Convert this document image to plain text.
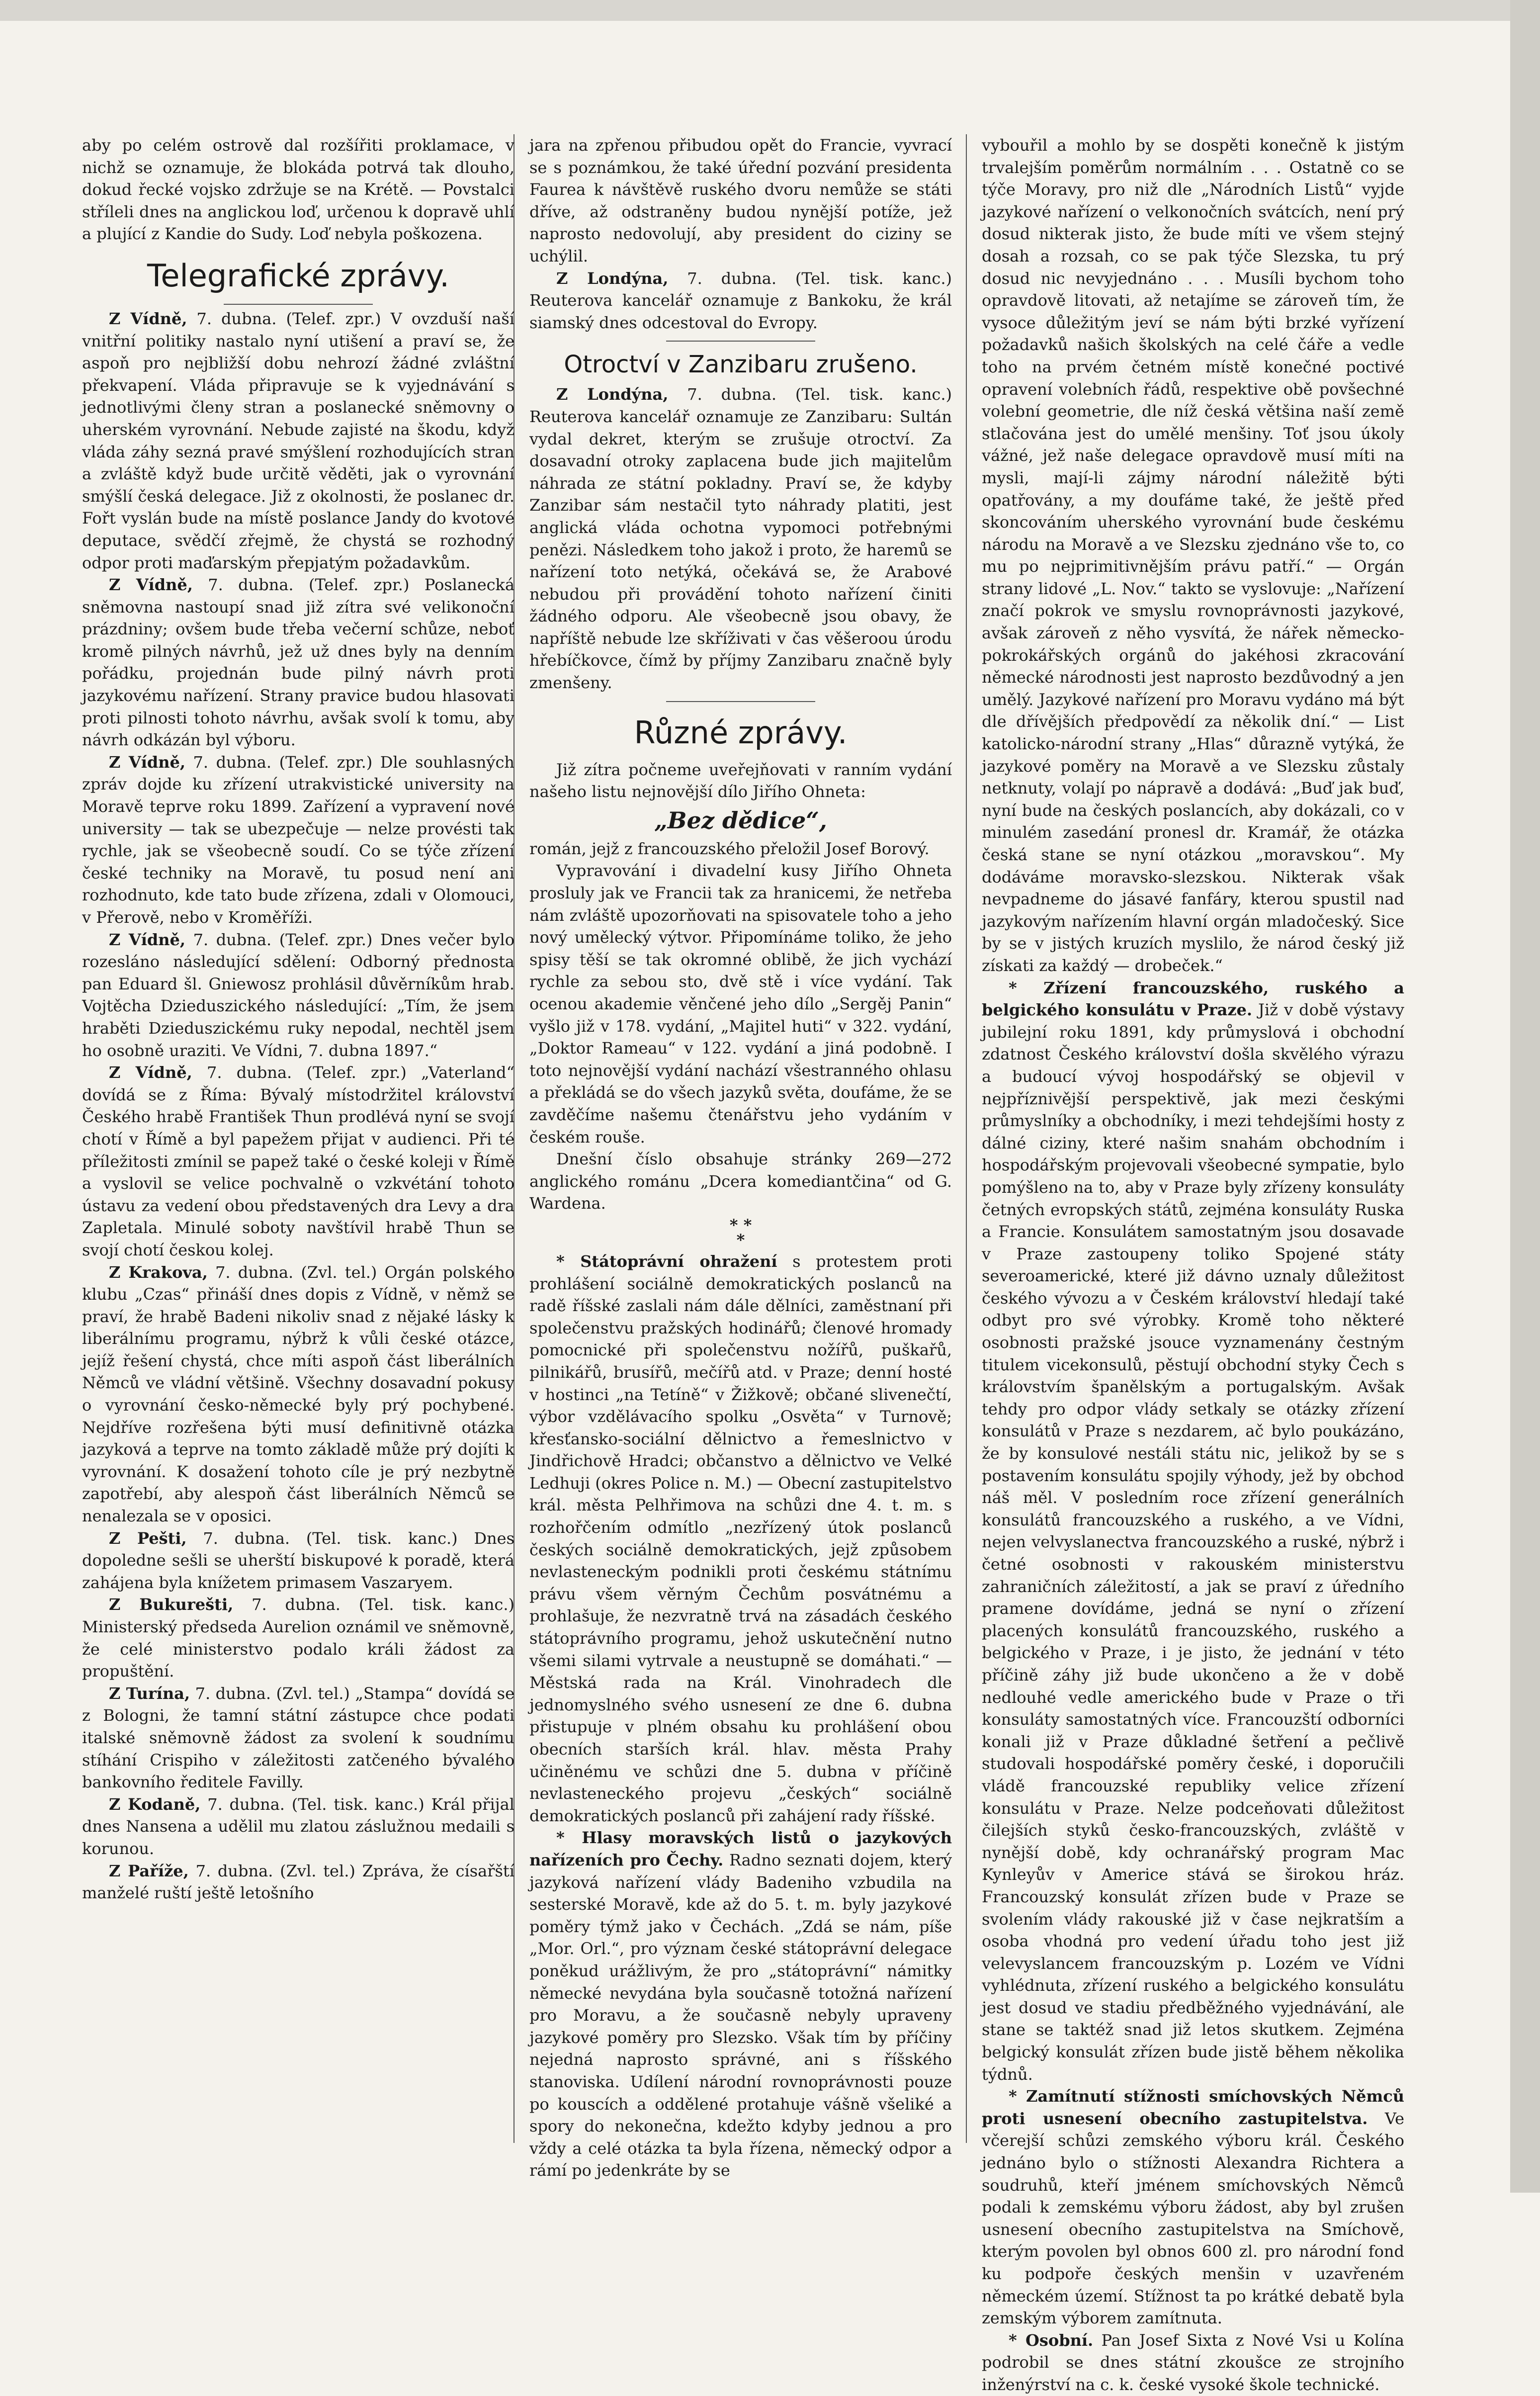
aby po celém ostrově dal rozšířiti proklamace, v nichž se oznamuje, že blokáda potrvá tak dlouho, dokud řecké vojsko zdržuje se na Krétě. — Povstalci stříleli dnes na anglickou loď, určenou k dopravě uhlí a plující z Kandie do Sudy. Loď nebyla poškozena.

Telegrafické zprávy.

Z Vídně, 7. dubna. (Telef. zpr.) V ovzduší naší vnitřní politiky nastalo nyní utišení a praví se, že aspoň pro nejbližší dobu nehrozí žádné zvláštní překvapení. Vláda připravuje se k vyjednávání s jednotlivými členy stran a poslanecké sněmovny o uherském vyrovnání. Nebude zajisté na škodu, když vláda záhy sezná pravé smýšlení rozhodujících stran a zvláště když bude určitě věděti, jak o vyrovnání smýšlí česká delegace. Již z okolnosti, že poslanec dr. Fořt vyslán bude na místě poslance Jandy do kvotové deputace, svědčí zřejmě, že chystá se rozhodný odpor proti maďarským přepjatým požadavkům.

Z Vídně, 7. dubna. (Telef. zpr.) Poslanecká sněmovna nastoupí snad již zítra své velikonoční prázdniny; ovšem bude třeba večerní schůze, neboť kromě pilných návrhů, jež už dnes byly na denním pořádku, projednán bude pilný návrh proti jazykovému nařízení. Strany pravice budou hlasovati proti pilnosti tohoto návrhu, avšak svolí k tomu, aby návrh odkázán byl výboru.

Z Vídně, 7. dubna. (Telef. zpr.) Dle souhlasných zpráv dojde ku zřízení utrakvistické university na Moravě teprve roku 1899. Zařízení a vypravení nové university — tak se ubezpečuje — nelze provésti tak rychle, jak se všeobecně soudí. Co se týče zřízení české techniky na Moravě, tu posud není ani rozhodnuto, kde tato bude zřízena, zdali v Olomouci, v Přerově, nebo v Kroměříži.

Z Vídně, 7. dubna. (Telef. zpr.) Dnes večer bylo rozesláno následující sdělení: Odborný přednosta pan Eduard šl. Gniewosz prohlásil důvěrníkům hrab. Vojtěcha Dzieduszického následující: „Tím, že jsem hraběti Dzieduszickému ruky nepodal, nechtěl jsem ho osobně uraziti. Ve Vídni, 7. dubna 1897.“

Z Vídně, 7. dubna. (Telef. zpr.) „Vaterland“ dovídá se z Říma: Bývalý místodržitel království Českého hrabě František Thun prodlévá nyní se svojí chotí v Římě a byl papežem přijat v audienci. Při té příležitosti zmínil se papež také o české koleji v Římě a vyslovil se velice pochvalně o vzkvétání tohoto ústavu za vedení obou představených dra Levy a dra Zapletala. Minulé soboty navštívil hrabě Thun se svojí chotí českou kolej.

Z Krakova, 7. dubna. (Zvl. tel.) Orgán polského klubu „Czas“ přináší dnes dopis z Vídně, v němž se praví, že hrabě Badeni nikoliv snad z nějaké lásky k liberálnímu programu, nýbrž k vůli české otázce, jejíž řešení chystá, chce míti aspoň část liberálních Němců ve vládní většině. Všechny dosavadní pokusy o vyrovnání česko-německé byly prý pochybené. Nejdříve rozřešena býti musí definitivně otázka jazyková a teprve na tomto základě může prý dojíti k vyrovnání. K dosažení tohoto cíle je prý nezbytně zapotřebí, aby alespoň část liberálních Němců se nenalezala se v oposici.

Z Pešti, 7. dubna. (Tel. tisk. kanc.) Dnes dopoledne sešli se uherští biskupové k poradě, která zahájena byla knížetem primasem Vaszaryem.

Z Bukurešti, 7. dubna. (Tel. tisk. kanc.) Ministerský předseda Aurelion oznámil ve sněmovně, že celé ministerstvo podalo králi žádost za propuštění.

Z Turína, 7. dubna. (Zvl. tel.) „Stampa“ dovídá se z Bologni, že tamní státní zástupce chce podati italské sněmovně žádost za svolení k soudnímu stíhání Crispiho v záležitosti zatčeného bývalého bankovního ředitele Favilly.

Z Kodaně, 7. dubna. (Tel. tisk. kanc.) Král přijal dnes Nansena a udělil mu zlatou záslužnou medaili s korunou.

Z Paříže, 7. dubna. (Zvl. tel.) Zpráva, že císařští manželé ruští ještě letošního

jara na zpřenou přibudou opět do Francie, vyvrací se s poznámkou, že také úřední pozvání presidenta Faurea k návštěvě ruského dvoru nemůže se státi dříve, až odstraněny budou nynější potíže, jež naprosto nedovolují, aby president do ciziny se uchýlil.

Z Londýna, 7. dubna. (Tel. tisk. kanc.) Reuterova kancelář oznamuje z Bankoku, že král siamský dnes odcestoval do Evropy.

Otroctví v Zanzibaru zrušeno.

Z Londýna, 7. dubna. (Tel. tisk. kanc.) Reuterova kancelář oznamuje ze Zanzibaru: Sultán vydal dekret, kterým se zrušuje otroctví. Za dosavadní otroky zaplacena bude jich majitelům náhrada ze státní pokladny. Praví se, že kdyby Zanzibar sám nestačil tyto náhrady platiti, jest anglická vláda ochotna vypomoci potřebnými penězi. Následkem toho jakož i proto, že haremů se nařízení toto netýká, očekává se, že Arabové nebudou při provádění tohoto nařízení činiti žádného odporu. Ale všeobecně jsou obavy, že napříště nebude lze skříživati v čas věšeroou úrodu hřebíčkovce, čímž by příjmy Zanzibaru značně byly zmenšeny.

Různé zprávy.

Již zítra počneme uveřejňovati v ranním vydání našeho listu nejnovější dílo Jiřího Ohneta:

„Bez dědice“,

román, jejž z francouzského přeložil Josef Borový.

Vypravování i divadelní kusy Jiřího Ohneta prosluly jak ve Francii tak za hranicemi, že netřeba nám zvláště upozorňovati na spisovatele toho a jeho nový umělecký výtvor. Připomínáme toliko, že jeho spisy těší se tak okromné oblibě, že jich vychází rychle za sebou sto, dvě stě i více vydání. Tak ocenou akademie věnčené jeho dílo „Sergěj Panin“ vyšlo již v 178. vydání, „Majitel huti“ v 322. vydání, „Doktor Rameau“ v 122. vydání a jiná podobně. I toto nejnovější vydání nachází všestranného ohlasu a překládá se do všech jazyků světa, doufáme, že se zavděčíme našemu čtenářstvu jeho vydáním v českém rouše.

Dnešní číslo obsahuje stránky 269—272 anglického románu „Dcera komediantčina“ od G. Wardena.

* *
*

* Státoprávní ohražení s protestem proti prohlášení sociálně demokratických poslanců na radě říšské zaslali nám dále dělníci, zaměstnaní při společenstvu pražských hodinářů; členové hromady pomocnické při společenstvu nožířů, puškařů, pilnikářů, brusířů, mečířů atd. v Praze; denní hosté v hostinci „na Tetíně“ v Žižkově; občané slivenečtí, výbor vzdělávacího spolku „Osvěta“ v Turnově; křesťansko-sociální dělnictvo a řemeslnictvo v Jindřichově Hradci; občanstvo a dělnictvo ve Velké Ledhuji (okres Police n. M.) — Obecní zastupitelstvo král. města Pelhřimova na schůzi dne 4. t. m. s rozhořčením odmítlo „nezřízený útok poslanců českých sociálně demokratických, jejž způsobem nevlasteneckým podnikli proti českému státnímu právu všem věrným Čechům posvátnému a prohlašuje, že nezvratně trvá na zásadách českého státoprávního programu, jehož uskutečnění nutno všemi silami vytrvale a neustupně se domáhati.“ — Městská rada na Král. Vinohradech dle jednomyslného svého usnesení ze dne 6. dubna přistupuje v plném obsahu ku prohlášení obou obecních starších král. hlav. města Prahy učiněnému ve schůzi dne 5. dubna v příčině nevlasteneckého projevu „českých“ sociálně demokratických poslanců při zahájení rady říšské.

* Hlasy moravských listů o jazykových nařízeních pro Čechy. Radno seznati dojem, který jazyková nařízení vlády Badeniho vzbudila na sesterské Moravě, kde až do 5. t. m. byly jazykové poměry týmž jako v Čechách. „Zdá se nám, píše „Mor. Orl.“, pro význam české státoprávní delegace poněkud urážlivým, že pro „státoprávní“ námitky německé nevydána byla současně totožná nařízení pro Moravu, a že současně nebyly upraveny jazykové poměry pro Slezsko. Však tím by příčiny nejedná naprosto správné, ani s říšského stanoviska. Udílení národní rovnoprávnosti pouze po kouscích a oddělené protahuje vášně všeliké a spory do nekonečna, kdežto kdyby jednou a pro vždy a celé otázka ta byla řízena, německý odpor a rámí po jedenkráte by se

vybouřil a mohlo by se dospěti konečně k jistým trvalejším poměrům normálním . . . Ostatně co se týče Moravy, pro niž dle „Národních Listů“ vyjde jazykové nařízení o velkonočních svátcích, není prý dosud nikterak jisto, že bude míti ve všem stejný dosah a rozsah, co se pak týče Slezska, tu prý dosud nic nevyjednáno . . . Musíli bychom toho opravdově litovati, až netajíme se zároveň tím, že vysoce důležitým jeví se nám býti brzké vyřízení požadavků našich školských na celé čáře a vedle toho na prvém četném místě konečné poctivé opravení volebních řádů, respektive obě povšechné volební geometrie, dle níž česká většina naší země stlačována jest do umělé menšiny. Toť jsou úkoly vážné, jež naše delegace opravdově musí míti na mysli, mají-li zájmy národní náležitě býti opatřovány, a my doufáme také, že ještě před skoncováním uherského vyrovnání bude českému národu na Moravě a ve Slezsku zjednáno vše to, co mu po nejprimitivnějším právu patří.“ — Orgán strany lidové „L. Nov.“ takto se vyslovuje: „Nařízení značí pokrok ve smyslu rovnoprávnosti jazykové, avšak zároveň z něho vysvítá, že nářek německo-pokrokářských orgánů do jakéhosi zkracování německé národnosti jest naprosto bezdůvodný a jen umělý. Jazykové nařízení pro Moravu vydáno má být dle dřívějších předpovědí za několik dní.“ — List katolicko-národní strany „Hlas“ důrazně vytýká, že jazykové poměry na Moravě a ve Slezsku zůstaly netknuty, volají po nápravě a dodává: „Buď jak buď, nyní bude na českých poslancích, aby dokázali, co v minulém zasedání pronesl dr. Kramář, že otázka česká stane se nyní otázkou „moravskou“. My dodáváme moravsko-slezskou. Nikterak však nevpadneme do jásavé fanfáry, kterou spustil nad jazykovým nařízením hlavní orgán mladočeský. Sice by se v jistých kruzích myslilo, že národ český již získati za každý — drobeček.“

* Zřízení francouzského, ruského a belgického konsulátu v Praze. Již v době výstavy jubilejní roku 1891, kdy průmyslová i obchodní zdatnost Českého království došla skvělého výrazu a budoucí vývoj hospodářský se objevil v nejpříznivější perspektivě, jak mezi českými průmyslníky a obchodníky, i mezi tehdejšími hosty z dálné ciziny, které našim snahám obchodním i hospodářským projevovali všeobecné sympatie, bylo pomýšleno na to, aby v Praze byly zřízeny konsuláty četných evropských států, zejména konsuláty Ruska a Francie. Konsulátem samostatným jsou dosavade v Praze zastoupeny toliko Spojené státy severoamerické, které již dávno uznaly důležitost českého vývozu a v Českém království hledají také odbyt pro své výrobky. Kromě toho některé osobnosti pražské jsouce vyznamenány čestným titulem vicekonsulů, pěstují obchodní styky Čech s královstvím španělským a portugalským. Avšak tehdy pro odpor vlády setkaly se otázky zřízení konsulátů v Praze s nezdarem, ač bylo poukázáno, že by konsulové nestáli státu nic, jelikož by se s postavením konsulátu spojily výhody, jež by obchod náš měl. V posledním roce zřízení generálních konsulátů francouzského a ruského, a ve Vídni, nejen velvyslanectva francouzského a ruské, nýbrž i četné osobnosti v rakouském ministerstvu zahraničních záležitostí, a jak se praví z úředního pramene dovídáme, jedná se nyní o zřízení placených konsulátů francouzského, ruského a belgického v Praze, i je jisto, že jednání v této příčině záhy již bude ukončeno a že v době nedlouhé vedle amerického bude v Praze o tři konsuláty samostatných více. Francouzští odborníci konali již v Praze důkladné šetření a pečlivě studovali hospodářské poměry české, i doporučili vládě francouzské republiky velice zřízení konsulátu v Praze. Nelze podceňovati důležitost čilejších styků česko-francouzských, zvláště v nynější době, kdy ochranářský program Mac Kynleyův v Americe stává se širokou hráz. Francouzský konsulát zřízen bude v Praze se svolením vlády rakouské již v čase nejkratším a osoba vhodná pro vedení úřadu toho jest již velevyslancem francouzským p. Lozém ve Vídni vyhlédnuta, zřízení ruského a belgického konsulátu jest dosud ve stadiu předběžného vyjednávání, ale stane se taktéž snad již letos skutkem. Zejména belgický konsulát zřízen bude jistě během několika týdnů.

* Zamítnutí stížnosti smíchovských Němců proti usnesení obecního zastupitelstva. Ve včerejší schůzi zemského výboru král. Českého jednáno bylo o stížnosti Alexandra Richtera a soudruhů, kteří jménem smíchovských Němců podali k zemskému výboru žádost, aby byl zrušen usnesení obecního zastupitelstva na Smíchově, kterým povolen byl obnos 600 zl. pro národní fond ku podpoře českých menšin v uzavřeném německém území. Stížnost ta po krátké debatě byla zemským výborem zamítnuta.

* Osobní. Pan Josef Sixta z Nové Vsi u Kolína podrobil se dnes státní zkoušce ze strojního inženýrství na c. k. české vysoké škole technické.
